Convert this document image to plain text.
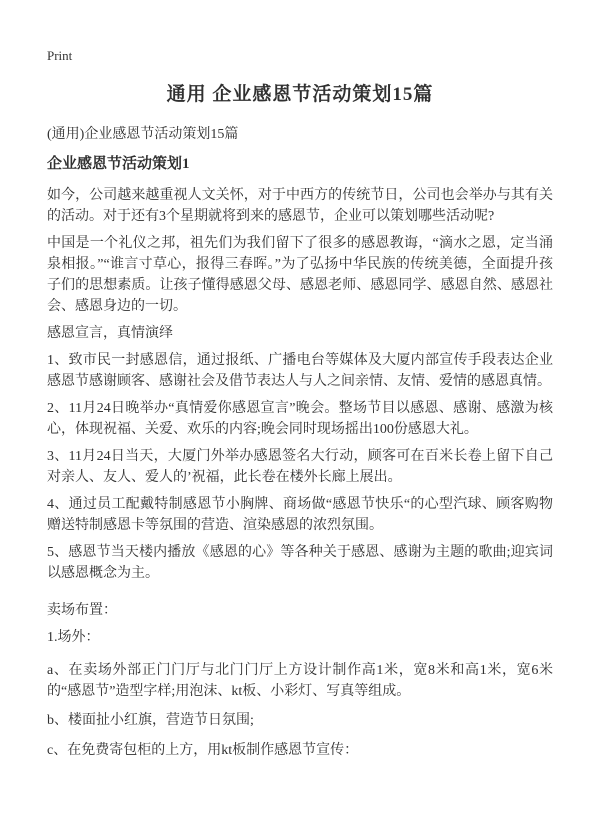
Print
通用 企业感恩节活动策划15篇

(通用)企业感恩节活动策划15篇

企业感恩节活动策划1

如今，公司越来越重视人文关怀，对于中西方的传统节日，公司也会举办与其有关的活动。对于还有3个星期就将到来的感恩节，企业可以策划哪些活动呢?

中国是一个礼仪之邦，祖先们为我们留下了很多的感恩教诲，“滴水之恩，定当涌泉相报。”“谁言寸草心，报得三春晖。”为了弘扬中华民族的传统美德，全面提升孩子们的思想素质。让孩子懂得感恩父母、感恩老师、感恩同学、感恩自然、感恩社会、感恩身边的一切。

感恩宣言，真情演绎

1、致市民一封感恩信，通过报纸、广播电台等媒体及大厦内部宣传手段表达企业感恩节感谢顾客、感谢社会及借节表达人与人之间亲情、友情、爱情的感恩真情。

2、11月24日晚举办“真情爱你感恩宣言”晚会。整场节目以感恩、感谢、感激为核心，体现祝福、关爱、欢乐的内容;晚会同时现场摇出100份感恩大礼。

3、11月24日当天，大厦门外举办感恩签名大行动，顾客可在百米长卷上留下自己对亲人、友人、爱人的’祝福，此长卷在楼外长廊上展出。

4、通过员工配戴特制感恩节小胸牌、商场做“感恩节快乐“的心型汽球、顾客购物赠送特制感恩卡等氛围的营造、渲染感恩的浓烈氛围。

5、感恩节当天楼内播放《感恩的心》等各种关于感恩、感谢为主题的歌曲;迎宾词以感恩概念为主。

卖场布置：

1.场外：

a、在卖场外部正门门厅与北门门厅上方设计制作高1米，宽8米和高1米，宽6米的“感恩节”造型字样;用泡沫、kt板、小彩灯、写真等组成。

b、楼面扯小红旗，营造节日氛围;

c、在免费寄包柜的上方，用kt板制作感恩节宣传：
